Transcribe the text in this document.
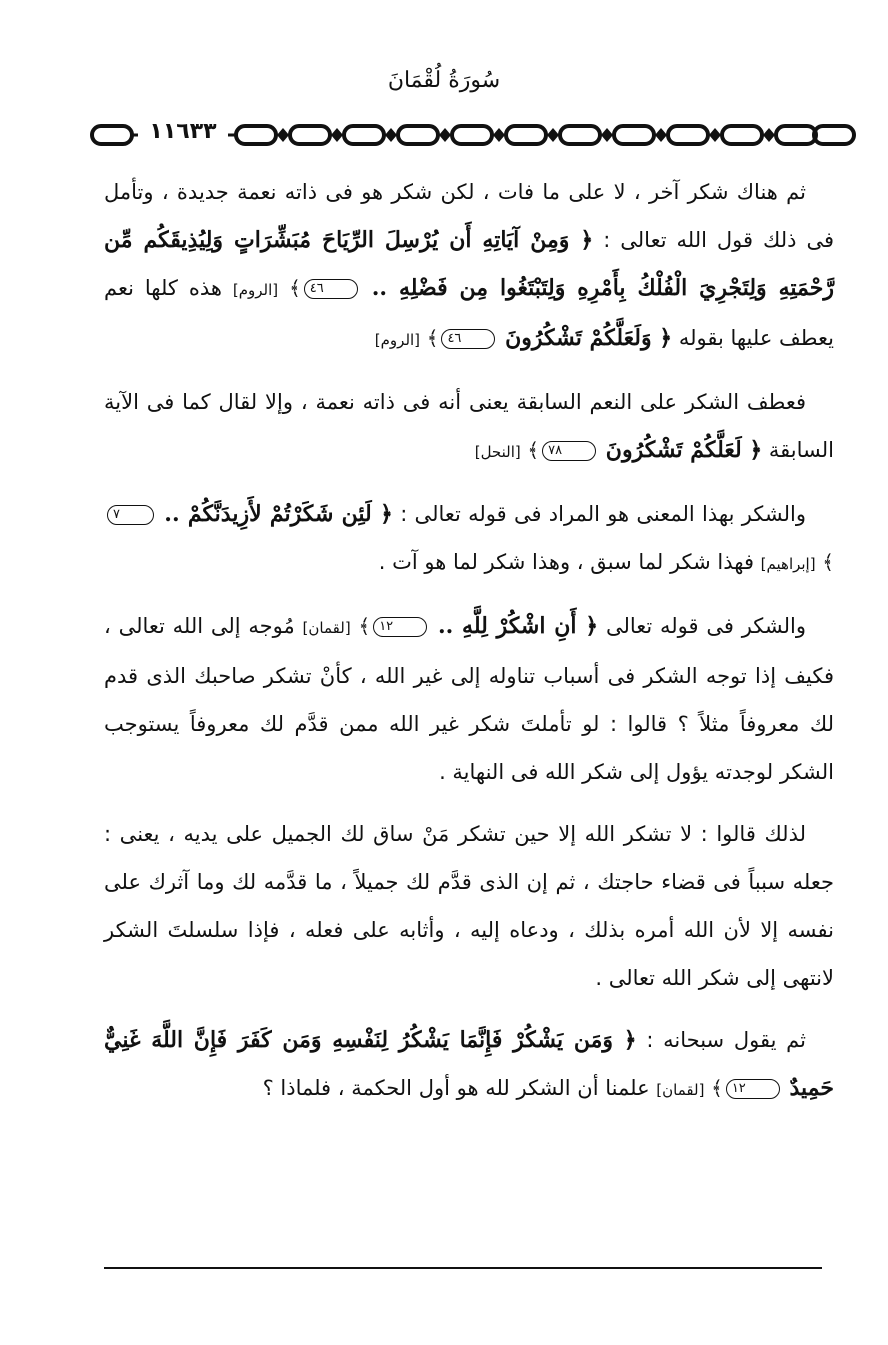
سُورَةُ لُقْمَانَ
١١٦٣٣

ثم هناك شكر آخر ، لا على ما فات ، لكن شكر هو فى ذاته نعمة جديدة ، وتأمل فى ذلك قول الله تعالى : ﴿ وَمِنْ آيَاتِهِ أَن يُرْسِلَ الرِّيَاحَ مُبَشِّرَاتٍ وَلِيُذِيقَكُم مِّن رَّحْمَتِهِ وَلِتَجْرِيَ الْفُلْكُ بِأَمْرِهِ وَلِتَبْتَغُوا مِن فَضْلِهِ .. ٤٦﴾ [الروم] هذه كلها نعم يعطف عليها بقوله ﴿ وَلَعَلَّكُمْ تَشْكُرُونَ ٤٦﴾ [الروم]

فعطف الشكر على النعم السابقة يعنى أنه فى ذاته نعمة ، وإلا لقال كما فى الآية السابقة ﴿ لَعَلَّكُمْ تَشْكُرُونَ ٧٨﴾ [النحل]

والشكر بهذا المعنى هو المراد فى قوله تعالى : ﴿ لَئِن شَكَرْتُمْ لأَزِيدَنَّكُمْ .. ٧﴾ [إبراهيم] فهذا شكر لما سبق ، وهذا شكر لما هو آت .

والشكر فى قوله تعالى ﴿ أَنِ اشْكُرْ لِلَّهِ .. ١٢﴾ [لقمان] مُوجه إلى الله تعالى ، فكيف إذا توجه الشكر فى أسباب تناوله إلى غير الله ، كأنْ تشكر صاحبك الذى قدم لك معروفاً مثلاً ؟ قالوا : لو تأملتَ شكر غير الله ممن قدَّم لك معروفاً يستوجب الشكر لوجدته يؤول إلى شكر الله فى النهاية .

لذلك قالوا : لا تشكر الله إلا حين تشكر مَنْ ساق لك الجميل على يديه ، يعنى : جعله سبباً فى قضاء حاجتك ، ثم إن الذى قدَّم لك جميلاً ، ما قدَّمه لك وما آثرك على نفسه إلا لأن الله أمره بذلك ، ودعاه إليه ، وأثابه على فعله ، فإذا سلسلتَ الشكر لانتهى إلى شكر الله تعالى .

ثم يقول سبحانه : ﴿ وَمَن يَشْكُرْ فَإِنَّمَا يَشْكُرُ لِنَفْسِهِ وَمَن كَفَرَ فَإِنَّ اللَّهَ غَنِيٌّ حَمِيدٌ ١٢﴾ [لقمان] علمنا أن الشكر لله هو أول الحكمة ، فلماذا ؟
